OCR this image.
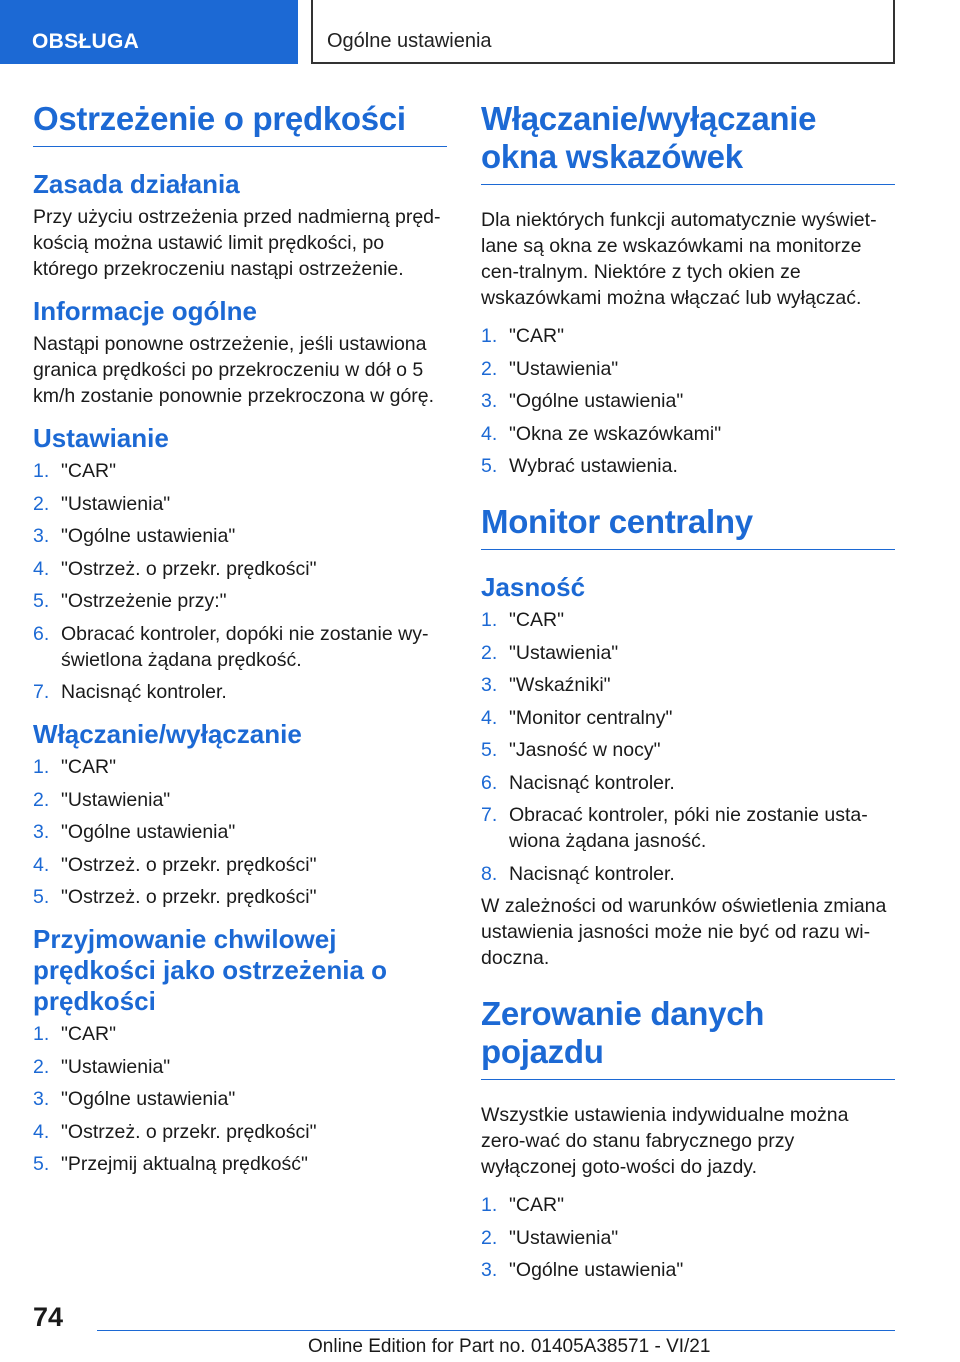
OBSŁUGA	Ogólne ustawienia
Ostrzeżenie o prędkości
Zasada działania
Przy użyciu ostrzeżenia przed nadmierną pręd-kością można ustawić limit prędkości, po którego przekroczeniu nastąpi ostrzeżenie.
Informacje ogólne
Nastąpi ponowne ostrzeżenie, jeśli ustawiona granica prędkości po przekroczeniu w dół o 5 km/h zostanie ponownie przekroczona w górę.
Ustawianie
1. "CAR"
2. "Ustawienia"
3. "Ogólne ustawienia"
4. "Ostrzeż. o przekr. prędkości"
5. "Ostrzeżenie przy:"
6. Obracać kontroler, dopóki nie zostanie wy-świetlona żądana prędkość.
7. Nacisnąć kontroler.
Włączanie/wyłączanie
1. "CAR"
2. "Ustawienia"
3. "Ogólne ustawienia"
4. "Ostrzeż. o przekr. prędkości"
5. "Ostrzeż. o przekr. prędkości"
Przyjmowanie chwilowej prędkości jako ostrzeżenia o prędkości
1. "CAR"
2. "Ustawienia"
3. "Ogólne ustawienia"
4. "Ostrzeż. o przekr. prędkości"
5. "Przejmij aktualną prędkość"
Włączanie/wyłączanie okna wskazówek
Dla niektórych funkcji automatycznie wyświet-lane są okna ze wskazówkami na monitorze cen-tralnym. Niektóre z tych okien ze wskazówkami można włączać lub wyłączać.
1. "CAR"
2. "Ustawienia"
3. "Ogólne ustawienia"
4. "Okna ze wskazówkami"
5. Wybrać ustawienia.
Monitor centralny
Jasność
1. "CAR"
2. "Ustawienia"
3. "Wskaźniki"
4. "Monitor centralny"
5. "Jasność w nocy"
6. Nacisnąć kontroler.
7. Obracać kontroler, póki nie zostanie usta-wiona żądana jasność.
8. Nacisnąć kontroler.
W zależności od warunków oświetlenia zmiana ustawienia jasności może nie być od razu wi-doczna.
Zerowanie danych pojazdu
Wszystkie ustawienia indywidualne można zero-wać do stanu fabrycznego przy wyłączonej goto-wości do jazdy.
1. "CAR"
2. "Ustawienia"
3. "Ogólne ustawienia"
74
Online Edition for Part no. 01405A38571 - VI/21
